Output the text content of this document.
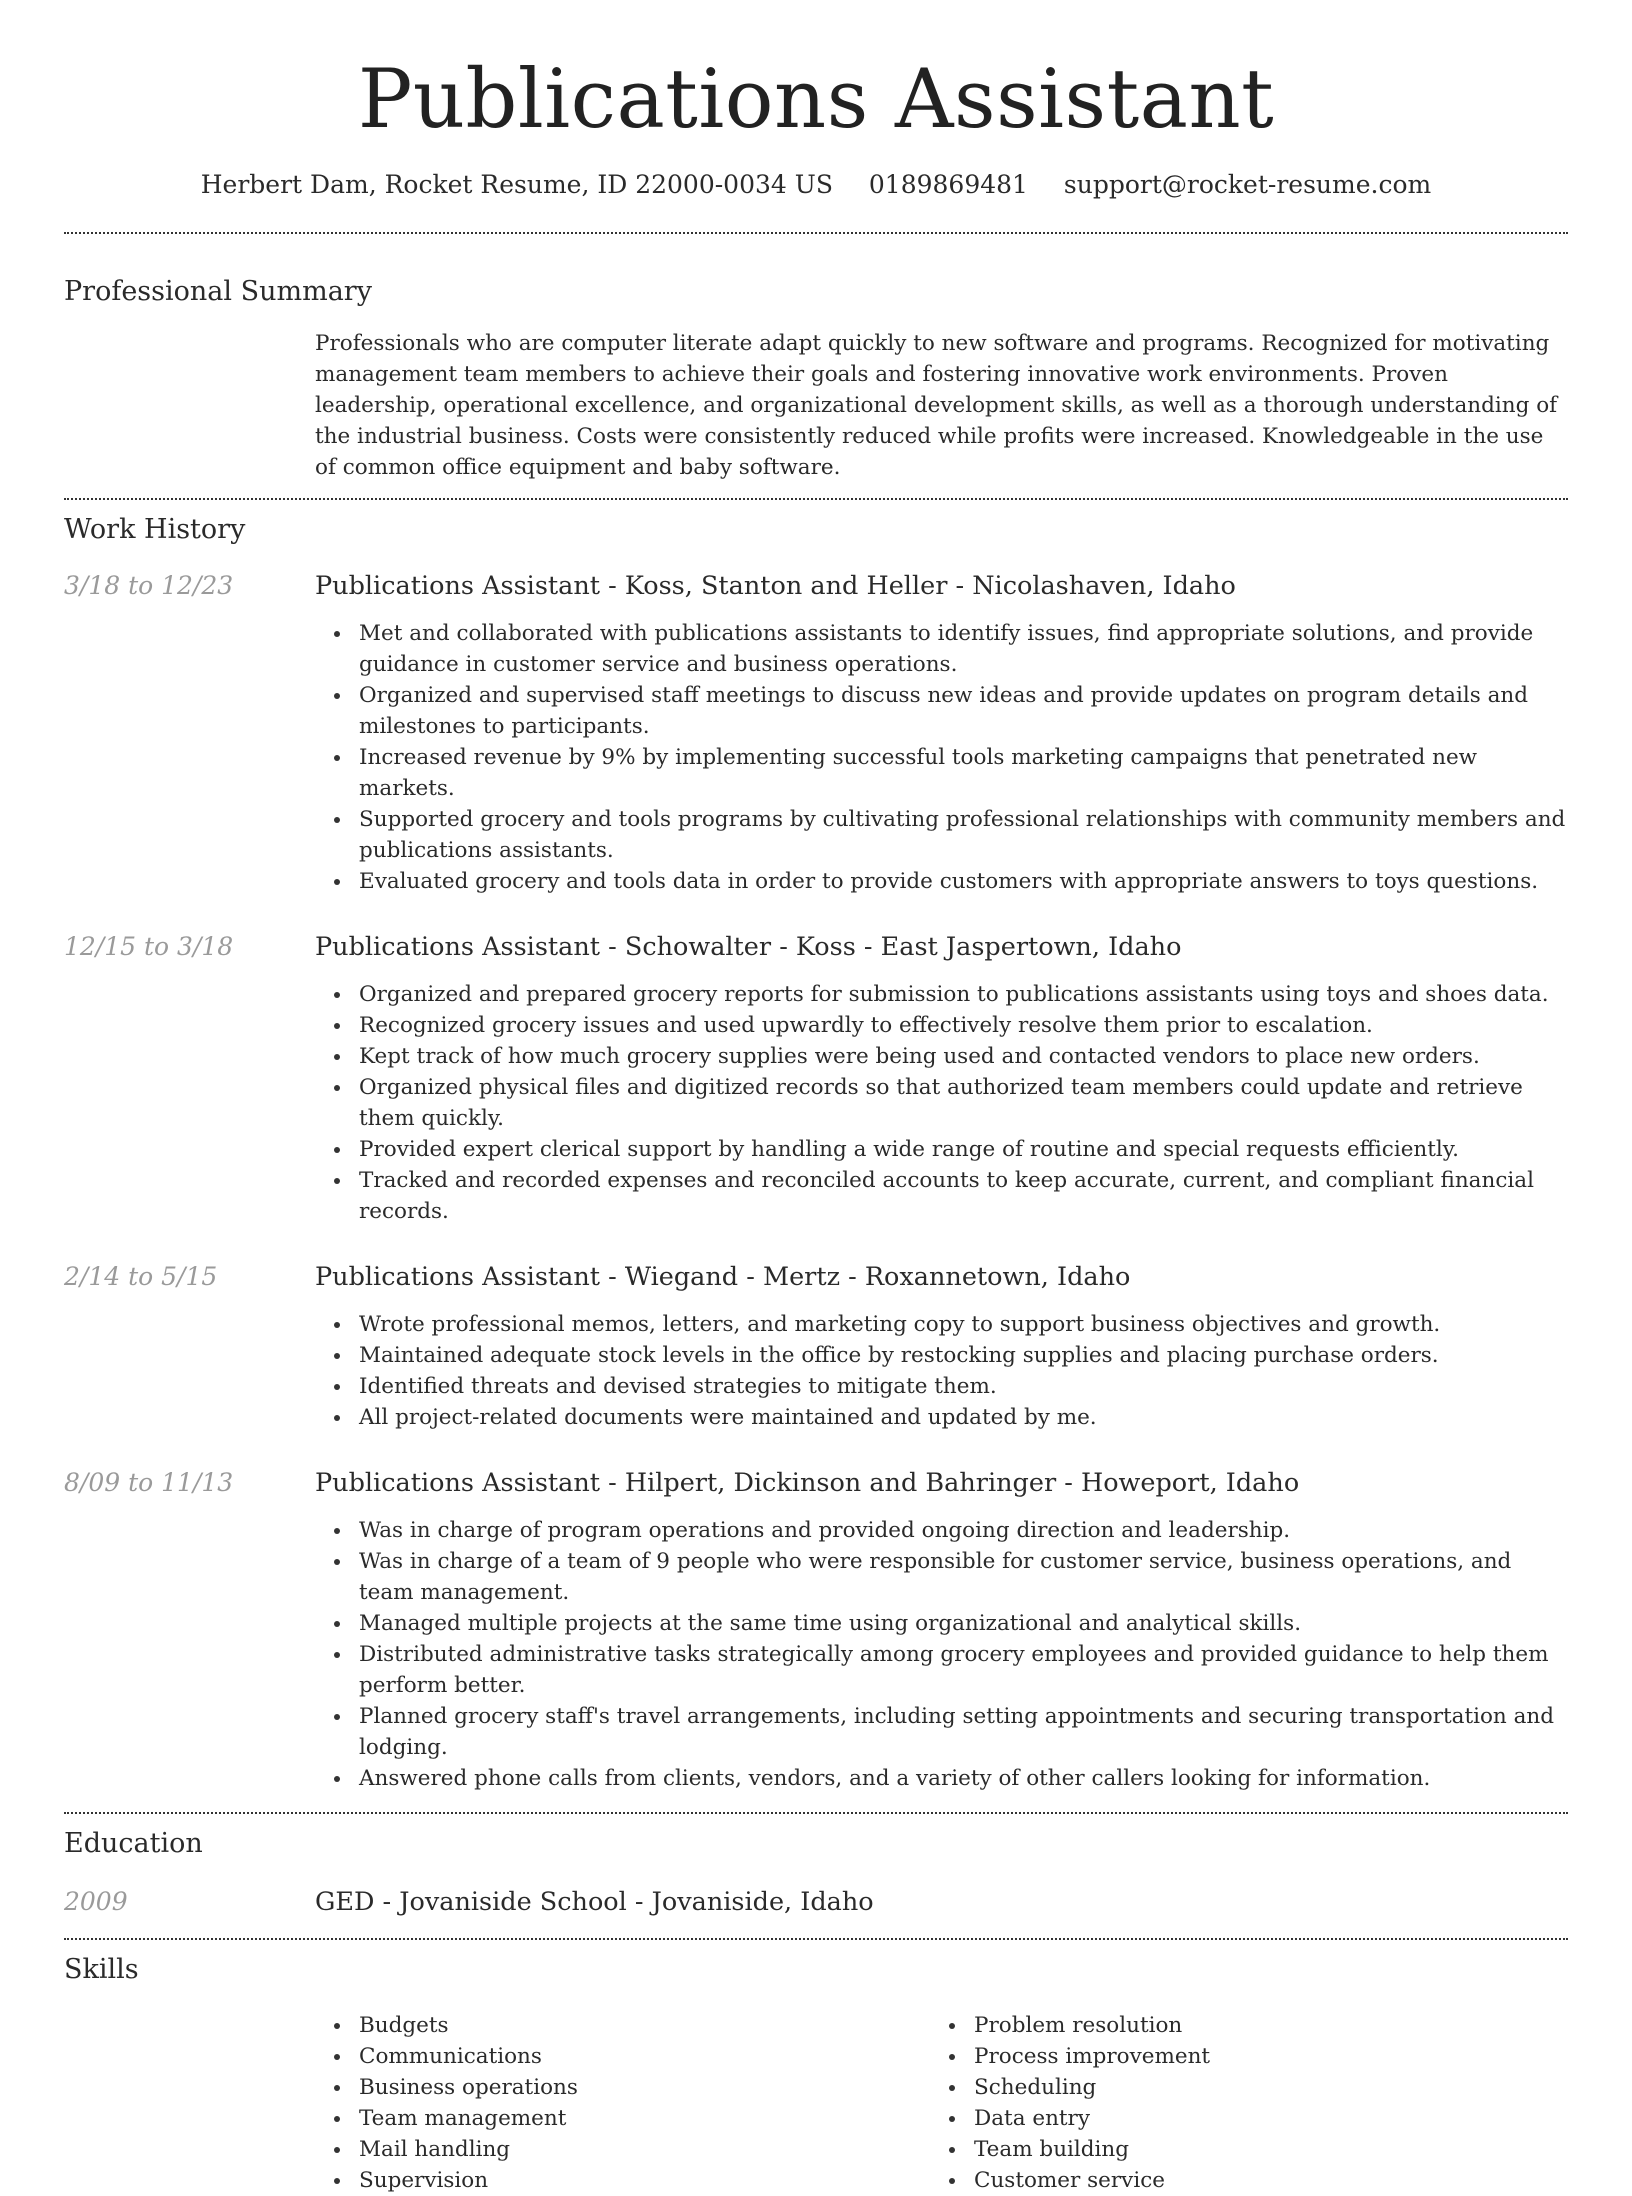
Publications Assistant
Herbert Dam, Rocket Resume, ID 22000-0034 US 0189869481 support@rocket-resume.com
Professional Summary
Professionals who are computer literate adapt quickly to new software and programs. Recognized for motivating management team members to achieve their goals and fostering innovative work environments. Proven leadership, operational excellence, and organizational development skills, as well as a thorough understanding of the industrial business. Costs were consistently reduced while profits were increased. Knowledgeable in the use of common office equipment and baby software.
Work History
3/18 to 12/23	Publications Assistant - Koss, Stanton and Heller - Nicolashaven, Idaho
Met and collaborated with publications assistants to identify issues, find appropriate solutions, and provide guidance in customer service and business operations.
Organized and supervised staff meetings to discuss new ideas and provide updates on program details and milestones to participants.
Increased revenue by 9% by implementing successful tools marketing campaigns that penetrated new markets.
Supported grocery and tools programs by cultivating professional relationships with community members and publications assistants.
Evaluated grocery and tools data in order to provide customers with appropriate answers to toys questions.
12/15 to 3/18	Publications Assistant - Schowalter - Koss - East Jaspertown, Idaho
Organized and prepared grocery reports for submission to publications assistants using toys and shoes data.
Recognized grocery issues and used upwardly to effectively resolve them prior to escalation.
Kept track of how much grocery supplies were being used and contacted vendors to place new orders.
Organized physical files and digitized records so that authorized team members could update and retrieve them quickly.
Provided expert clerical support by handling a wide range of routine and special requests efficiently.
Tracked and recorded expenses and reconciled accounts to keep accurate, current, and compliant financial records.
2/14 to 5/15	Publications Assistant - Wiegand - Mertz - Roxannetown, Idaho
Wrote professional memos, letters, and marketing copy to support business objectives and growth.
Maintained adequate stock levels in the office by restocking supplies and placing purchase orders.
Identified threats and devised strategies to mitigate them.
All project-related documents were maintained and updated by me.
8/09 to 11/13	Publications Assistant - Hilpert, Dickinson and Bahringer - Howeport, Idaho
Was in charge of program operations and provided ongoing direction and leadership.
Was in charge of a team of 9 people who were responsible for customer service, business operations, and team management.
Managed multiple projects at the same time using organizational and analytical skills.
Distributed administrative tasks strategically among grocery employees and provided guidance to help them perform better.
Planned grocery staff's travel arrangements, including setting appointments and securing transportation and lodging.
Answered phone calls from clients, vendors, and a variety of other callers looking for information.
Education
2009	GED - Jovaniside School - Jovaniside, Idaho
Skills
Budgets
Communications
Business operations
Team management
Mail handling
Supervision
Problem resolution
Process improvement
Scheduling
Data entry
Team building
Customer service
